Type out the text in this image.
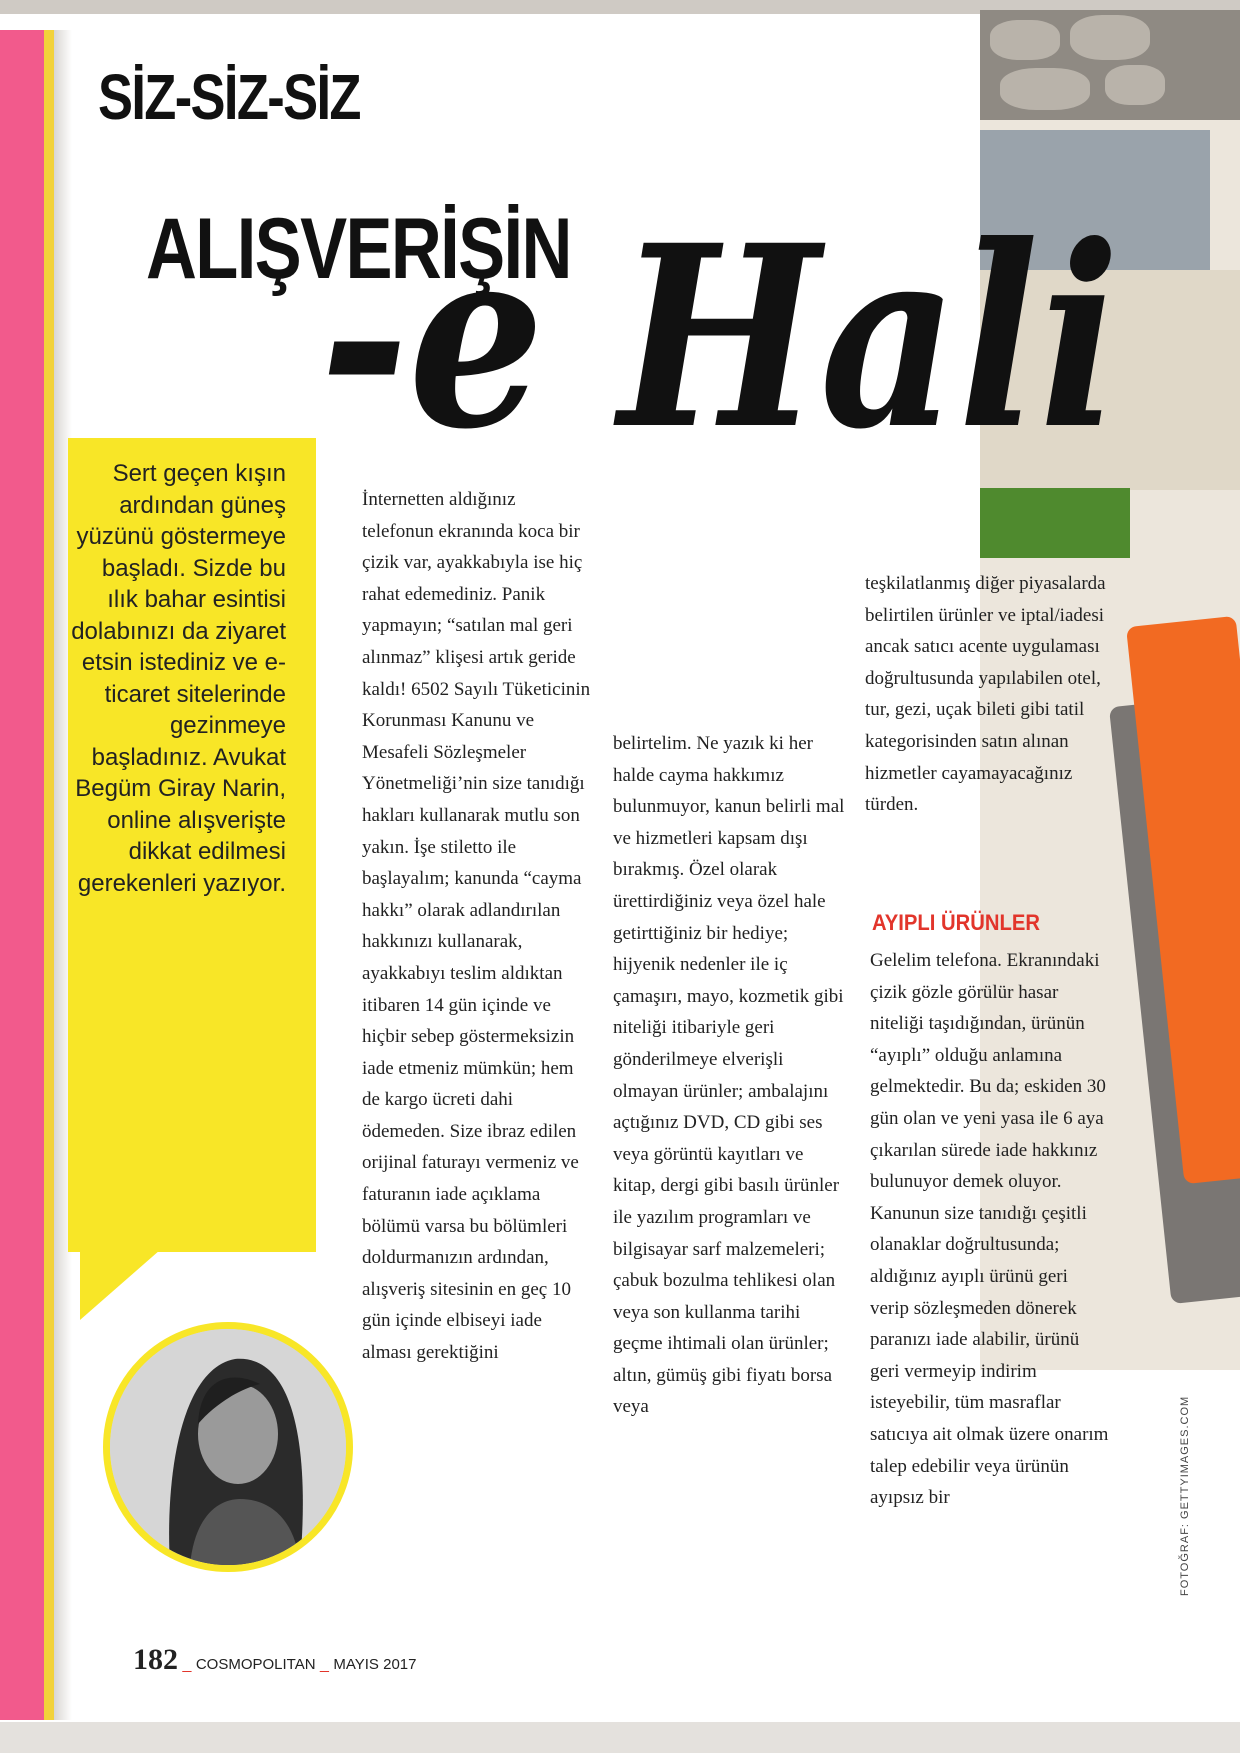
SİZ-SİZ-SİZ
ALIŞVERİŞİN
-e Hali

Sert geçen kışın ardından güneş yüzünü göstermeye başladı. Sizde bu ılık bahar esintisi dolabınızı da ziyaret etsin istediniz ve e-ticaret sitelerinde gezinmeye başladınız. Avukat Begüm Giray Narin, online alışverişte dikkat edilmesi gerekenleri yazıyor.

İnternetten aldığınız telefonun ekranında koca bir çizik var, ayakkabıyla ise hiç rahat edemediniz. Panik yapmayın; “satılan mal geri alınmaz” klişesi artık geride kaldı! 6502 Sayılı Tüketicinin Korunması Kanunu ve Mesafeli Sözleşmeler Yönetmeliği’nin size tanıdığı hakları kullanarak mutlu son yakın. İşe stiletto ile başlayalım; kanunda “cayma hakkı” olarak adlandırılan hakkınızı kullanarak, ayakkabıyı teslim aldıktan itibaren 14 gün içinde ve hiçbir sebep göstermeksizin iade etmeniz mümkün; hem de kargo ücreti dahi ödemeden. Size ibraz edilen orijinal faturayı vermeniz ve faturanın iade açıklama bölümü varsa bu bölümleri doldurmanızın ardından, alışveriş sitesinin en geç 10 gün içinde elbiseyi iade alması gerektiğini

belirtelim. Ne yazık ki her halde cayma hakkımız bulunmuyor, kanun belirli mal ve hizmetleri kapsam dışı bırakmış. Özel olarak ürettirdiğiniz veya özel hale getirttiğiniz bir hediye; hijyenik nedenler ile iç çamaşırı, mayo, kozmetik gibi niteliği itibariyle geri gönderilmeye elverişli olmayan ürünler; ambalajını açtığınız DVD, CD gibi ses veya görüntü kayıtları ve kitap, dergi gibi basılı ürünler ile yazılım programları ve bilgisayar sarf malzemeleri; çabuk bozulma tehlikesi olan veya son kullanma tarihi geçme ihtimali olan ürünler; altın, gümüş gibi fiyatı borsa veya

teşkilatlanmış diğer piyasalarda belirtilen ürünler ve iptal/iadesi ancak satıcı acente uygulaması doğrultusunda yapılabilen otel, tur, gezi, uçak bileti gibi tatil kategorisinden satın alınan hizmetler cayamayacağınız türden.

AYIPLI ÜRÜNLER

Gelelim telefona. Ekranındaki çizik gözle görülür hasar niteliği taşıdığından, ürünün “ayıplı” olduğu anlamına gelmektedir. Bu da; eskiden 30 gün olan ve yeni yasa ile 6 aya çıkarılan sürede iade hakkınız bulunuyor demek oluyor. Kanunun size tanıdığı çeşitli olanaklar doğrultusunda; aldığınız ayıplı ürünü geri verip sözleşmeden dönerek paranızı iade alabilir, ürünü geri vermeyip indirim isteyebilir, tüm masraflar satıcıya ait olmak üzere onarım talep edebilir veya ürünün ayıpsız bir	FOTOĞRAF: GETTYIMAGES.COM

182 _ COSMOPOLITAN _ MAYIS 2017
